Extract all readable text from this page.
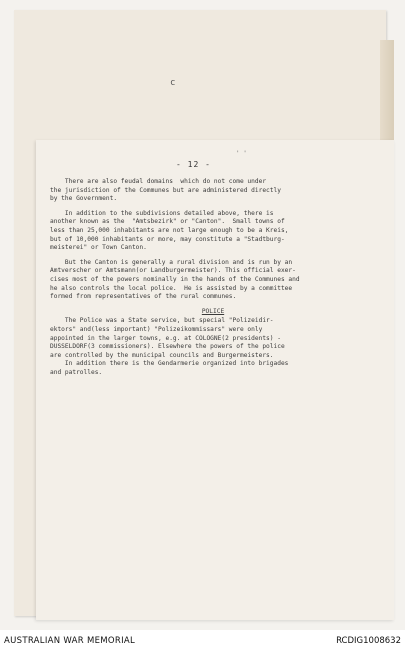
c
- 12 -
' '
There are also feudal domains  which do not come under
the jurisdiction of the Communes but are administered directly
by the Government.
In addition to the subdivisions detailed above, there is
another known as the  "Amtsbezirk" or "Canton".  Small towns of
less than 25,000 inhabitants are not large enough to be a Kreis,
but of 10,000 inhabitants or more, may constitute a "Stadtburg-
meisterei" or Town Canton.
But the Canton is generally a rural division and is run by an
Amtverscher or Amtsmann(or Landburgermeister). This official exer-
cises most of the powers nominally in the hands of the Communes and
he also controls the local police.  He is assisted by a committee
formed from representatives of the rural communes.
POLICE
The Police was a State service, but special "Polizeidir-
ektors" and(less important) "Polizeikommissars" were only
appointed in the larger towns, e.g. at COLOGNE(2 presidents) -
DUSSELDORF(3 commissioners). Elsewhere the powers of the police
are controlled by the municipal councils and Burgermeisters.
In addition there is the Gendarmerie organized into brigades
and patrolles.
AUSTRALIAN WAR MEMORIAL	RCDIG1008632
